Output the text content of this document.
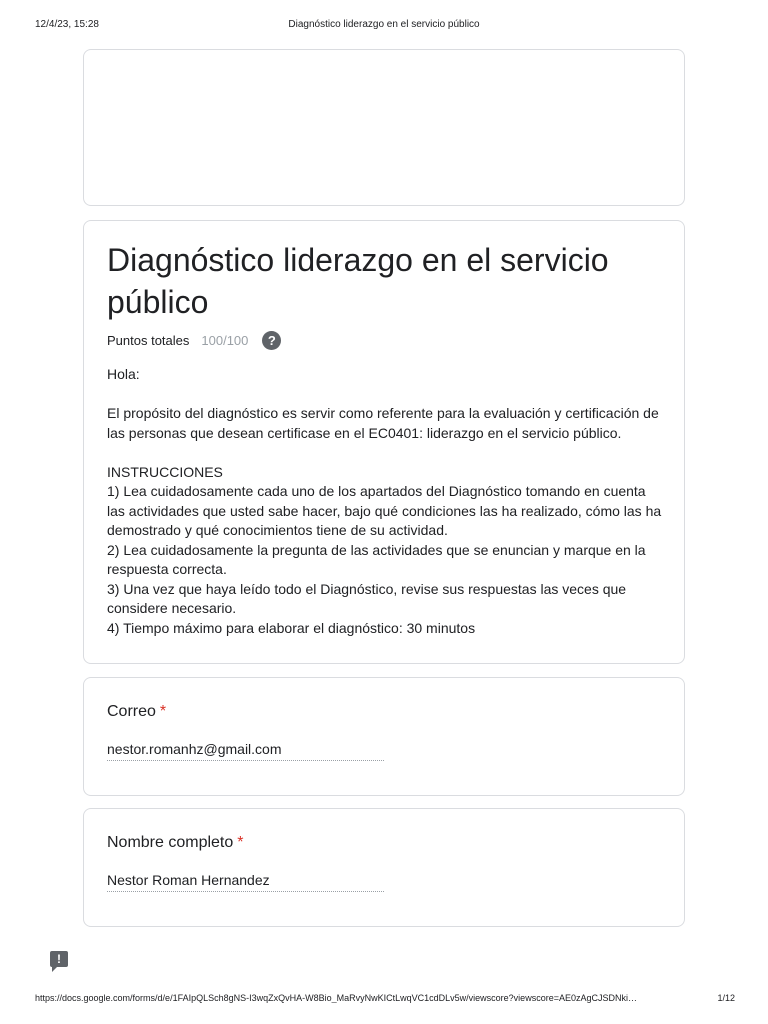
12/4/23, 15:28	Diagnóstico liderazgo en el servicio público
Diagnóstico liderazgo en el servicio público
Puntos totales 100/100	?

Hola:

El propósito del diagnóstico es servir como referente para la evaluación y certificación de las personas que desean certificase en el EC0401: liderazgo en el servicio público.

INSTRUCCIONES

1) Lea cuidadosamente cada uno de los apartados del Diagnóstico tomando en cuenta las actividades que usted sabe hacer, bajo qué condiciones las ha realizado, cómo las ha demostrado y qué conocimientos tiene de su actividad.

2) Lea cuidadosamente la pregunta de las actividades que se enuncian y marque en la respuesta correcta.

3) Una vez que haya leído todo el Diagnóstico, revise sus respuestas las veces que considere necesario.

4) Tiempo máximo para elaborar el diagnóstico: 30 minutos

Correo *
nestor.romanhz@gmail.com
Nombre completo *
Nestor Roman Hernandez
!
https://docs.google.com/forms/d/e/1FAIpQLSch8gNS-I3wqZxQvHA-W8Bio_MaRvyNwKICtLwqVC1cdDLv5w/viewscore?viewscore=AE0zAgCJSDNki…	1/12
